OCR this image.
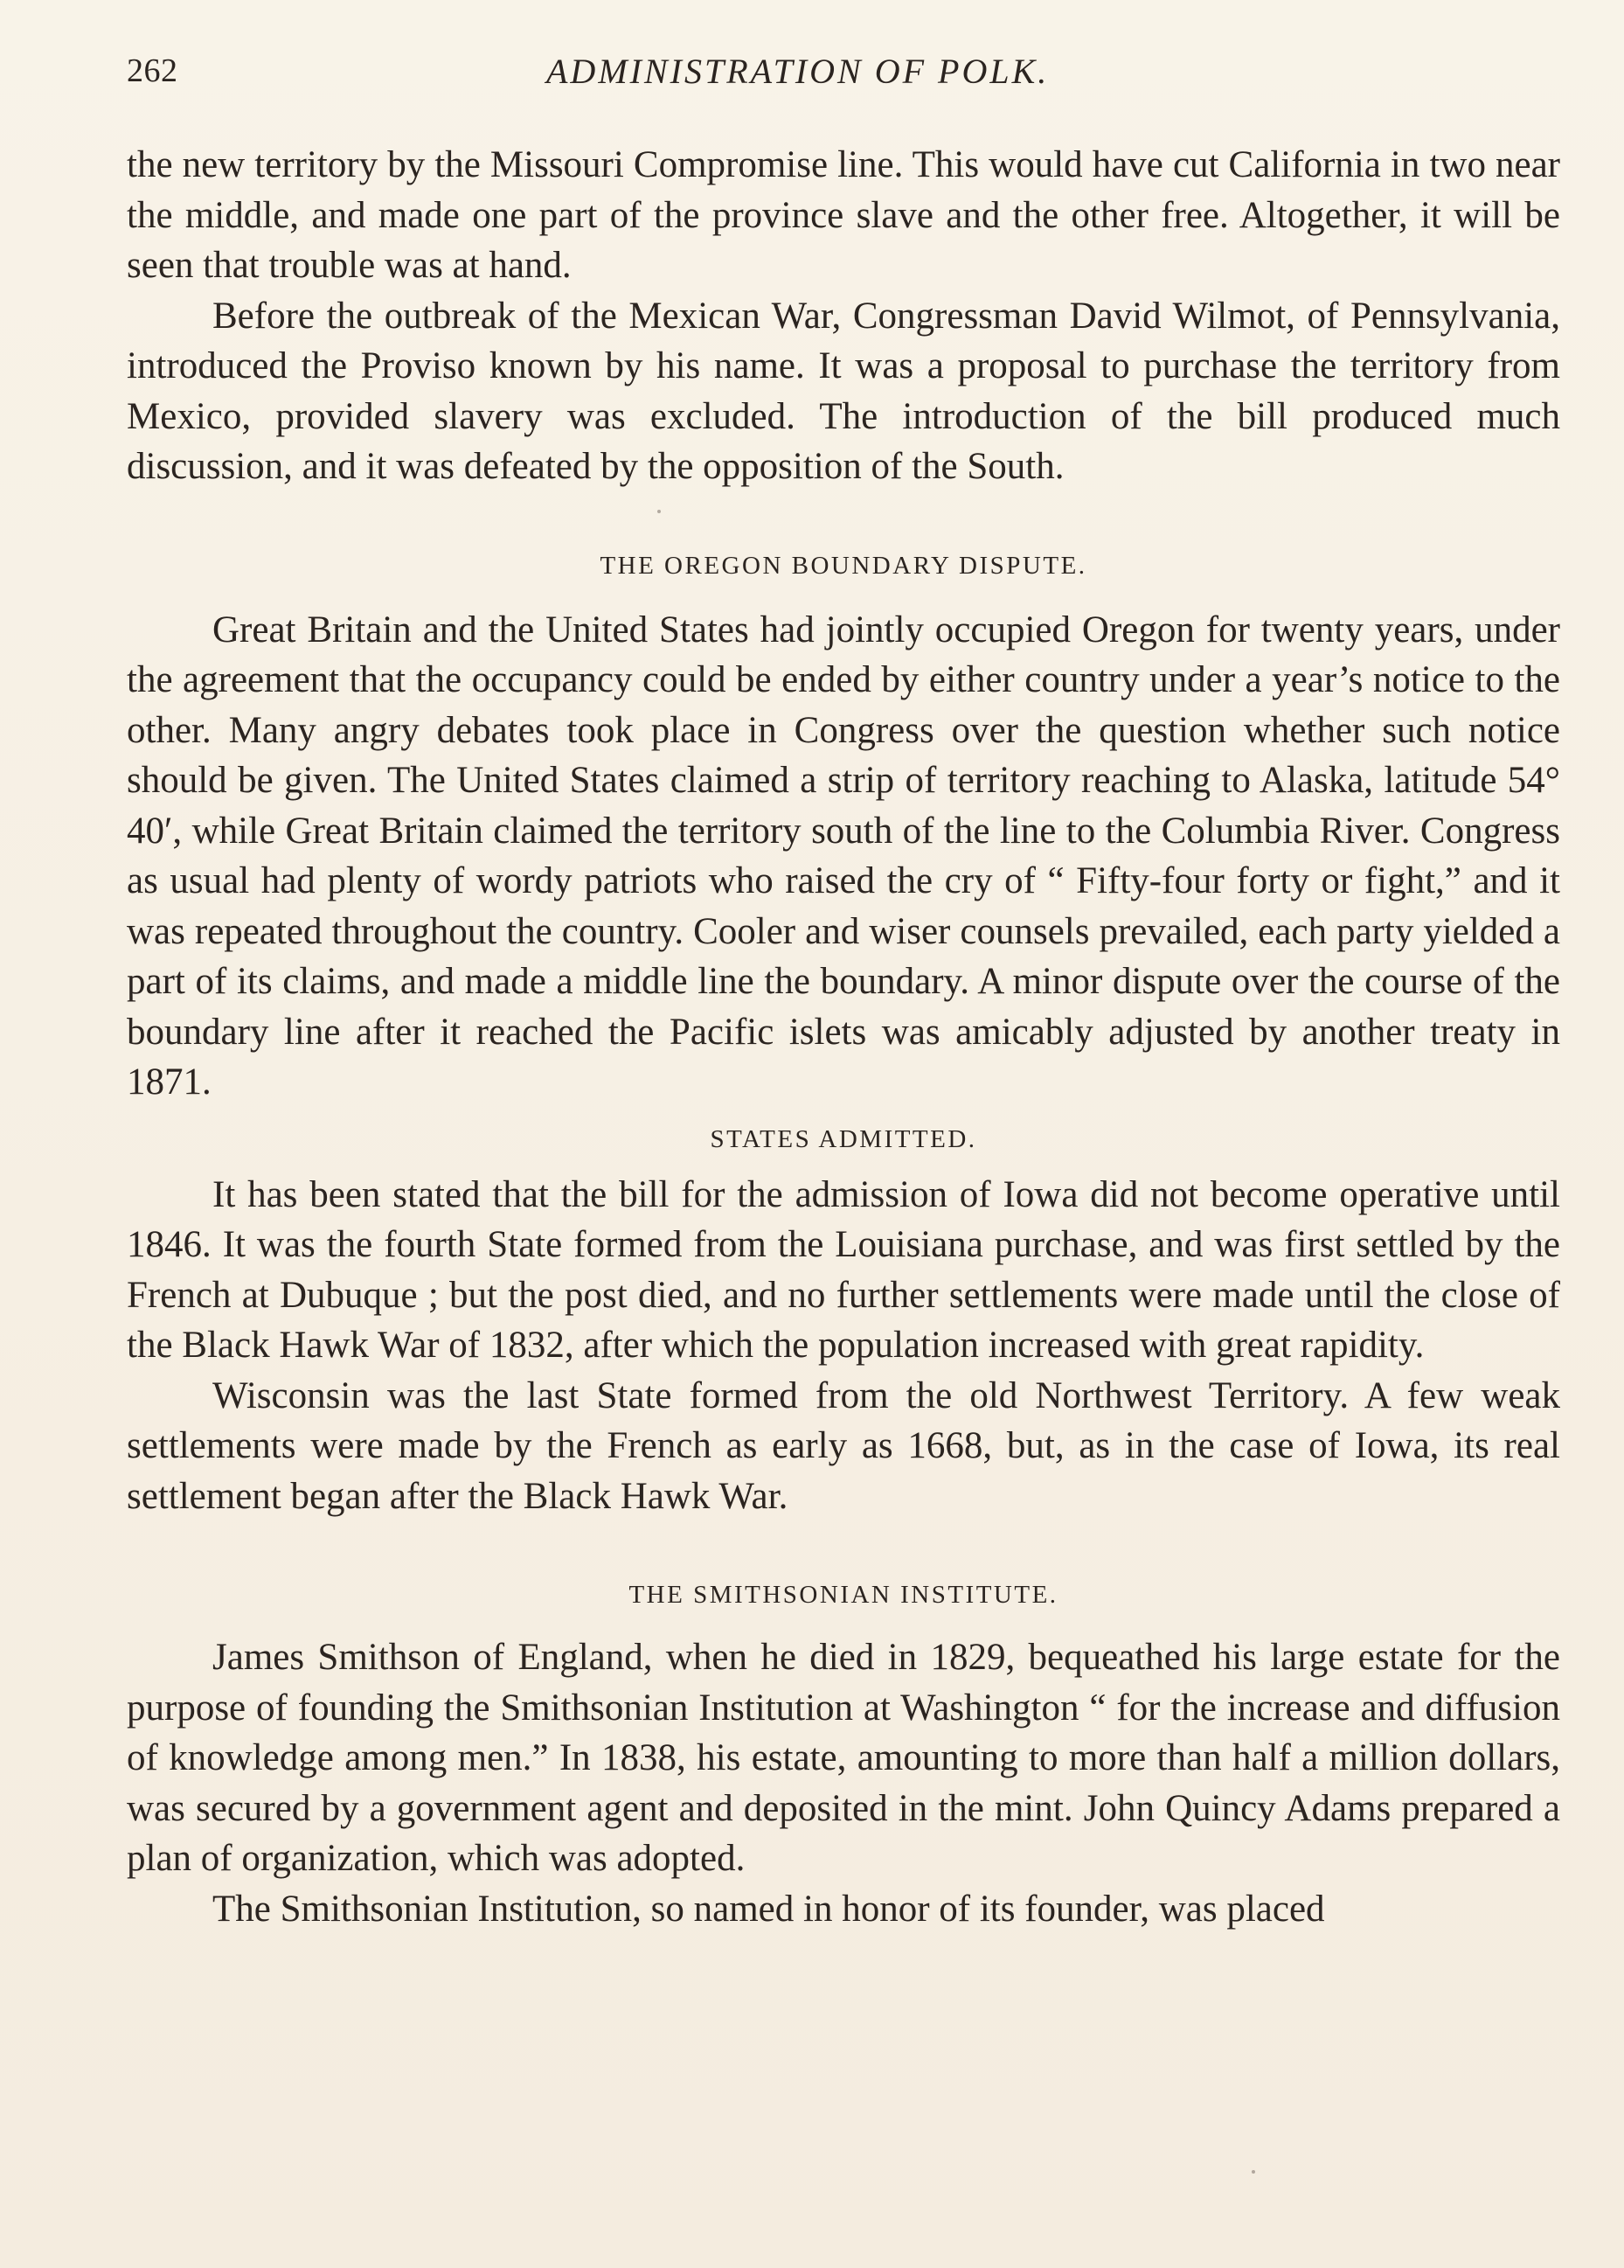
262	ADMINISTRATION OF POLK.

the new territory by the Missouri Compromise line. This would have cut California in two near the middle, and made one part of the province slave and the other free. Altogether, it will be seen that trouble was at hand.

Before the outbreak of the Mexican War, Congressman David Wilmot, of Pennsylvania, introduced the Proviso known by his name. It was a proposal to purchase the territory from Mexico, provided slavery was excluded. The introduction of the bill produced much discussion, and it was defeated by the opposition of the South.

THE OREGON BOUNDARY DISPUTE.

Great Britain and the United States had jointly occupied Oregon for twenty years, under the agreement that the occupancy could be ended by either country under a year’s notice to the other. Many angry debates took place in Congress over the question whether such notice should be given. The United States claimed a strip of territory reaching to Alaska, latitude 54° 40′, while Great Britain claimed the territory south of the line to the Columbia River. Congress as usual had plenty of wordy patriots who raised the cry of “ Fifty-four forty or fight,” and it was repeated throughout the country. Cooler and wiser counsels prevailed, each party yielded a part of its claims, and made a middle line the boundary. A minor dispute over the course of the boundary line after it reached the Pacific islets was amicably adjusted by another treaty in 1871.

STATES ADMITTED.

It has been stated that the bill for the admission of Iowa did not become operative until 1846. It was the fourth State formed from the Louisiana purchase, and was first settled by the French at Dubuque ; but the post died, and no further settlements were made until the close of the Black Hawk War of 1832, after which the population increased with great rapidity.

Wisconsin was the last State formed from the old Northwest Territory. A few weak settlements were made by the French as early as 1668, but, as in the case of Iowa, its real settlement began after the Black Hawk War.

THE SMITHSONIAN INSTITUTE.

James Smithson of England, when he died in 1829, bequeathed his large estate for the purpose of founding the Smithsonian Institution at Washington “ for the increase and diffusion of knowledge among men.” In 1838, his estate, amounting to more than half a million dollars, was secured by a government agent and deposited in the mint. John Quincy Adams prepared a plan of organization, which was adopted.

The Smithsonian Institution, so named in honor of its founder, was placed
